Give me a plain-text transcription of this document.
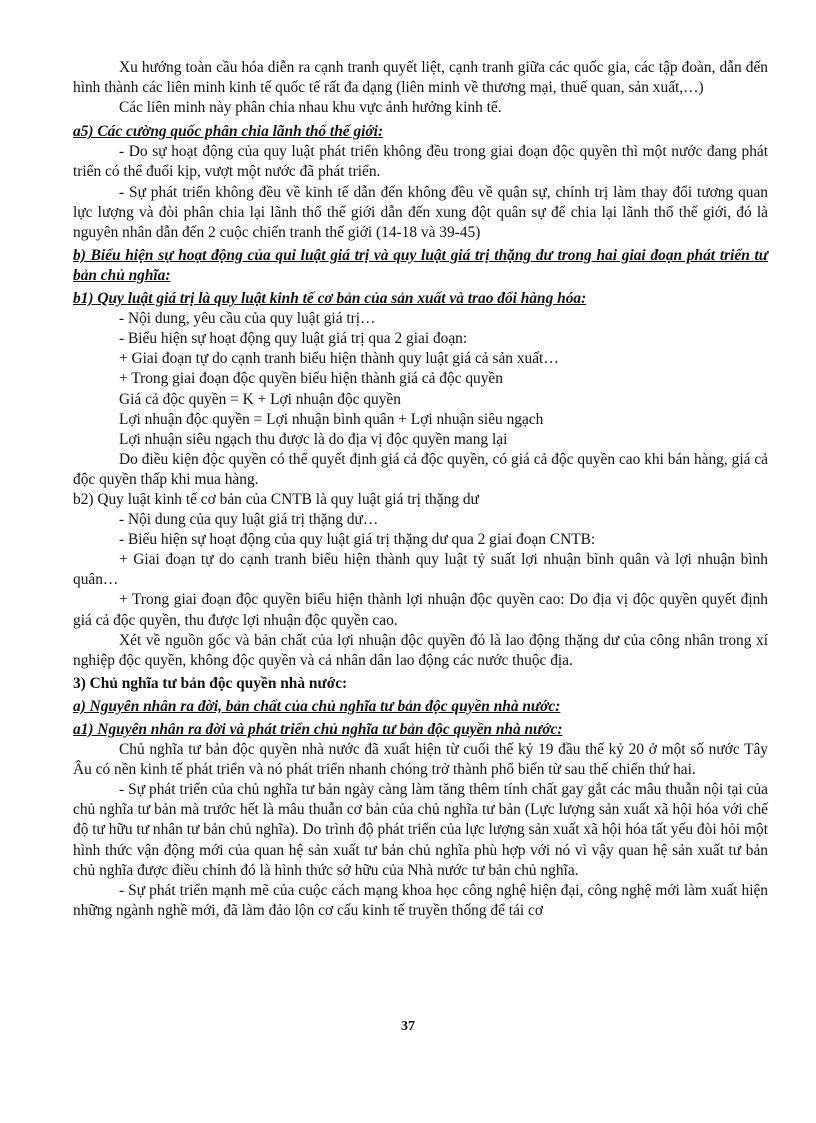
Xu hướng toàn cầu hóa diễn ra cạnh tranh quyết liệt, cạnh tranh giữa các quốc gia, các tập đoàn, dẫn đến hình thành các liên minh kinh tế quốc tế rất đa dạng (liên minh về thương mại, thuế quan, sản xuất,…)

Các liên minh này phân chia nhau khu vực ảnh hưởng kinh tế.

a5) Các cường quốc phân chia lãnh thổ thế giới:

- Do sự hoạt động của quy luật phát triển không đều trong giai đoạn độc quyền thì một nước đang phát triển có thể đuổi kịp, vượt một nước đã phát triển.

- Sự phát triển không đều về kinh tế dẫn đến không đều về quân sự, chính trị làm thay đổi tương quan lực lượng và đòi phân chia lại lãnh thổ thế giới dẫn đến xung đột quân sự để chia lại lãnh thổ thế giới, đó là nguyên nhân dẫn đến 2 cuộc chiến tranh thế giới (14-18 và 39-45)

b) Biểu hiện sự hoạt động của qui luật giá trị và quy luật giá trị thặng dư trong hai giai đoạn phát triển tư bản chủ nghĩa:

b1) Quy luật giá trị là quy luật kinh tế cơ bản của sản xuất và trao đổi hàng hóa:

- Nội dung, yêu cầu của quy luật giá trị…

- Biểu hiện sự hoạt động quy luật giá trị qua 2 giai đoạn:

+ Giai đoạn tự do cạnh tranh biểu hiện thành quy luật giá cả sản xuất…

+ Trong giai đoạn độc quyền biểu hiện thành giá cả độc quyền

Giá cả độc quyền = K + Lợi nhuận độc quyền

Lợi nhuận độc quyền = Lợi nhuận bình quân + Lợi nhuận siêu ngạch

Lợi nhuận siêu ngạch thu được là do địa vị độc quyền mang lại

Do điều kiện độc quyền có thể quyết định giá cả độc quyền, có giá cả độc quyền cao khi bán hàng, giá cả độc quyền thấp khi mua hàng.

b2) Quy luật kinh tế cơ bản của CNTB là quy luật giá trị thặng dư

- Nội dung của quy luật giá trị thặng dư…

- Biểu hiện sự hoạt động của quy luật giá trị thặng dư qua 2 giai đoạn CNTB:

+ Giai đoạn tự do cạnh tranh biểu hiện thành quy luật tỷ suất lợi nhuận bình quân và lợi nhuận bình quân…

+ Trong giai đoạn độc quyền biểu hiện thành lợi nhuận độc quyền cao: Do địa vị độc quyền quyết định giá cả độc quyền, thu được lợi nhuận độc quyền cao.

Xét về nguồn gốc và bản chất của lợi nhuận độc quyền đó là lao động thặng dư của công nhân trong xí nghiệp độc quyền, không độc quyền và cả nhân dân lao động các nước thuộc địa.

3) Chủ nghĩa tư bản độc quyền nhà nước:

a) Nguyên nhân ra đời, bản chất của chủ nghĩa tư bản độc quyền nhà nước:

a1) Nguyên nhân ra đời và phát triển chủ nghĩa tư bản độc quyền nhà nước:

Chủ nghĩa tư bản độc quyền nhà nước đã xuất hiện từ cuối thế kỷ 19 đầu thế kỷ 20 ở một số nước Tây Âu có nền kinh tế phát triển và nó phát triển nhanh chóng trở thành phổ biến từ sau thế chiến thứ hai.

- Sự phát triển của chủ nghĩa tư bản ngày càng làm tăng thêm tính chất gay gắt các mâu thuẫn nội tại của chủ nghĩa tư bản mà trước hết là mâu thuẫn cơ bản của chủ nghĩa tư bản (Lực lượng sản xuất xã hội hóa với chế độ tư hữu tư nhân tư bản chủ nghĩa). Do trình độ phát triển của lực lượng sản xuất xã hội hóa tất yếu đòi hỏi một hình thức vận động mới của quan hệ sản xuất tư bản chủ nghĩa phù hợp với nó vì vậy quan hệ sản xuất tư bản chủ nghĩa được điều chỉnh đó là hình thức sở hữu của Nhà nước tư bản chủ nghĩa.

- Sự phát triển mạnh mẽ của cuộc cách mạng khoa học công nghệ hiện đại, công nghệ mới làm xuất hiện những ngành nghề mới, đã làm đảo lộn cơ cấu kinh tế truyền thống để tái cơ

37
